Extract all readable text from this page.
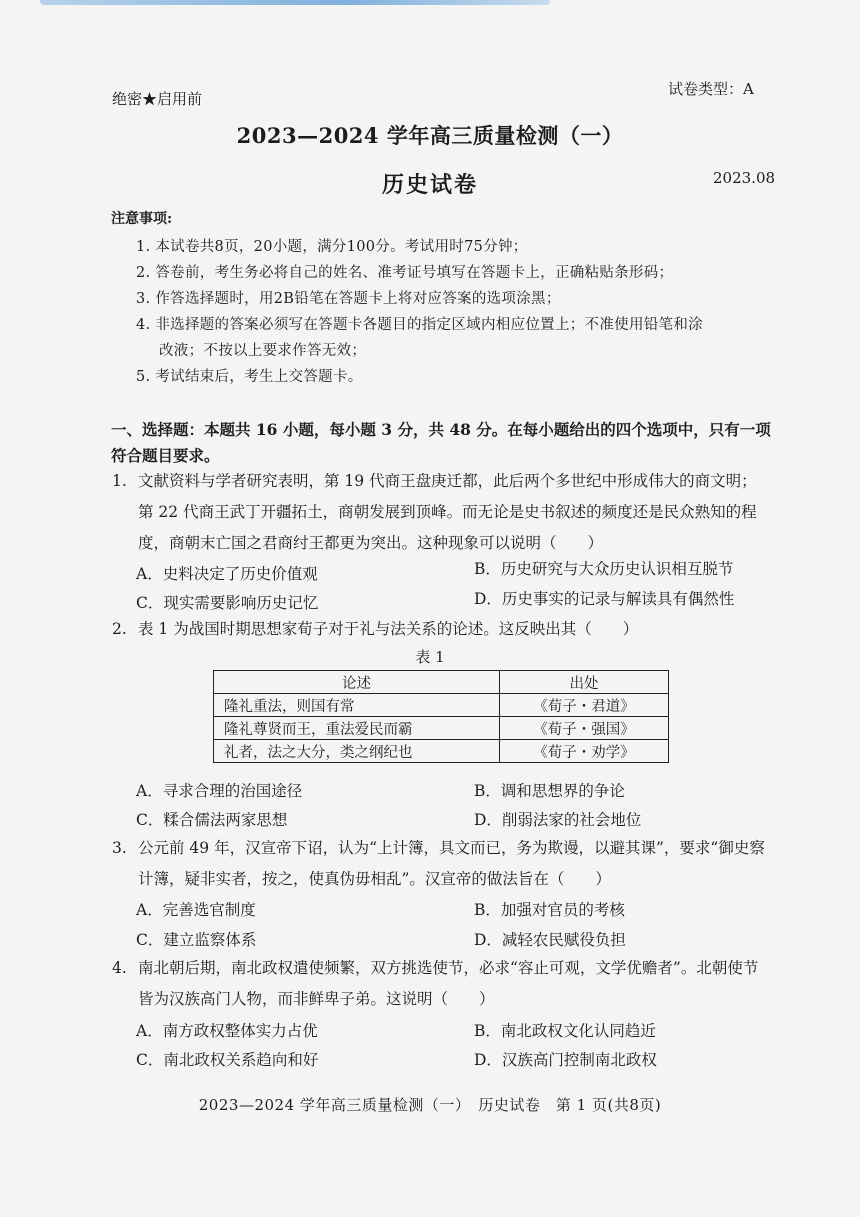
绝密★启用前
试卷类型：A
2023—2024 学年高三质量检测（一）
历史试卷	2023.08
注意事项:
1. 本试卷共8页，20小题，满分100分。考试用时75分钟；
2. 答卷前，考生务必将自己的姓名、准考证号填写在答题卡上，正确粘贴条形码；
3. 作答选择题时，用2B铅笔在答题卡上将对应答案的选项涂黑；
4. 非选择题的答案必须写在答题卡各题目的指定区域内相应位置上；不准使用铅笔和涂
改液；不按以上要求作答无效；
5. 考试结束后，考生上交答题卡。
一、选择题：本题共 16 小题，每小题 3 分，共 48 分。在每小题给出的四个选项中，只有一项符合题目要求。
1. 文献资料与学者研究表明，第 19 代商王盘庚迁都，此后两个多世纪中形成伟大的商文明；第 22 代商王武丁开疆拓土，商朝发展到顶峰。而无论是史书叙述的频度还是民众熟知的程度，商朝末亡国之君商纣王都更为突出。这种现象可以说明（　　）
A．史料决定了历史价值观	B．历史研究与大众历史认识相互脱节
C．现实需要影响历史记忆	D．历史事实的记录与解读具有偶然性
2. 表 1 为战国时期思想家荀子对于礼与法关系的论述。这反映出其（　　）
表 1
论述	出处
隆礼重法，则国有常	《荀子・君道》
隆礼尊贤而王，重法爱民而霸	《荀子・强国》
礼者，法之大分，类之纲纪也	《荀子・劝学》
A．寻求合理的治国途径	B．调和思想界的争论
C．糅合儒法两家思想	D．削弱法家的社会地位
3. 公元前 49 年，汉宣帝下诏，认为“上计簿，具文而已，务为欺谩，以避其课”，要求“御史察计簿，疑非实者，按之，使真伪毋相乱”。汉宣帝的做法旨在（　　）
A．完善选官制度	B．加强对官员的考核
C．建立监察体系	D．减轻农民赋役负担
4. 南北朝后期，南北政权遣使频繁，双方挑选使节，必求“容止可观，文学优赡者”。北朝使节皆为汉族高门人物，而非鲜卑子弟。这说明（　　）
A．南方政权整体实力占优	B．南北政权文化认同趋近
C．南北政权关系趋向和好	D．汉族高门控制南北政权
2023—2024 学年高三质量检测（一）　历史试卷　第 1 页(共8页)
